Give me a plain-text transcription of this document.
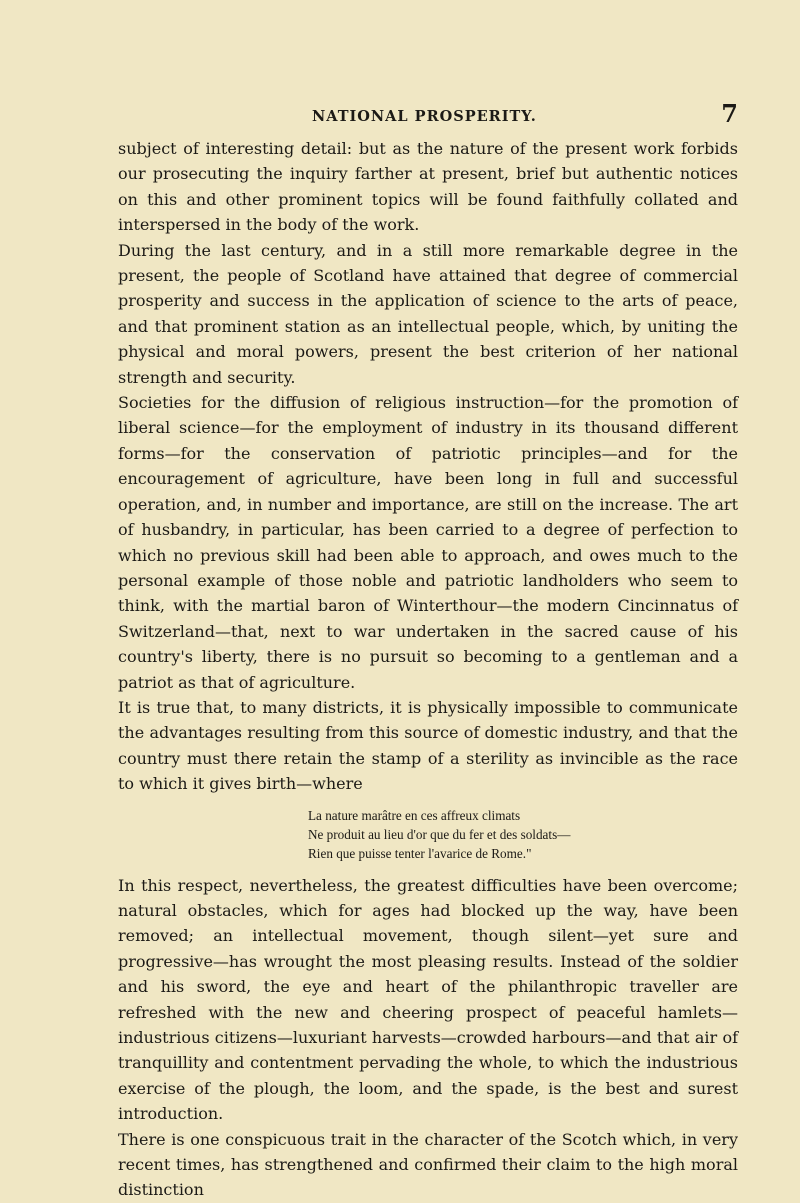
NATIONAL PROSPERITY.	7

subject of interesting detail: but as the nature of the present work forbids our prosecuting the inquiry farther at present, brief but authentic notices on this and other prominent topics will be found faithfully collated and interspersed in the body of the work.

During the last century, and in a still more remarkable degree in the present, the people of Scotland have attained that degree of commercial prosperity and success in the application of science to the arts of peace, and that prominent station as an intellectual people, which, by uniting the physical and moral powers, present the best criterion of her national strength and security.

Societies for the diffusion of religious instruction—for the promotion of liberal science—for the employment of industry in its thousand different forms—for the conservation of patriotic principles—and for the encouragement of agriculture, have been long in full and successful operation, and, in number and importance, are still on the increase. The art of husbandry, in particular, has been carried to a degree of perfection to which no previous skill had been able to approach, and owes much to the personal example of those noble and patriotic landholders who seem to think, with the martial baron of Winterthour—the modern Cincinnatus of Switzerland—that, next to war undertaken in the sacred cause of his country's liberty, there is no pursuit so becoming to a gentleman and a patriot as that of agriculture.

It is true that, to many districts, it is physically impossible to communicate the advantages resulting from this source of domestic industry, and that the country must there retain the stamp of a sterility as invincible as the race to which it gives birth—where

La nature marâtre en ces affreux climats
Ne produit au lieu d'or que du fer et des soldats—
Rien que puisse tenter l'avarice de Rome."

In this respect, nevertheless, the greatest difficulties have been overcome; natural obstacles, which for ages had blocked up the way, have been removed; an intellectual movement, though silent—yet sure and progressive—has wrought the most pleasing results. Instead of the soldier and his sword, the eye and heart of the philanthropic traveller are refreshed with the new and cheering prospect of peaceful hamlets—industrious citizens—luxuriant harvests—crowded harbours—and that air of tranquillity and contentment pervading the whole, to which the industrious exercise of the plough, the loom, and the spade, is the best and surest introduction.

There is one conspicuous trait in the character of the Scotch which, in very recent times, has strengthened and confirmed their claim to the high moral distinction
